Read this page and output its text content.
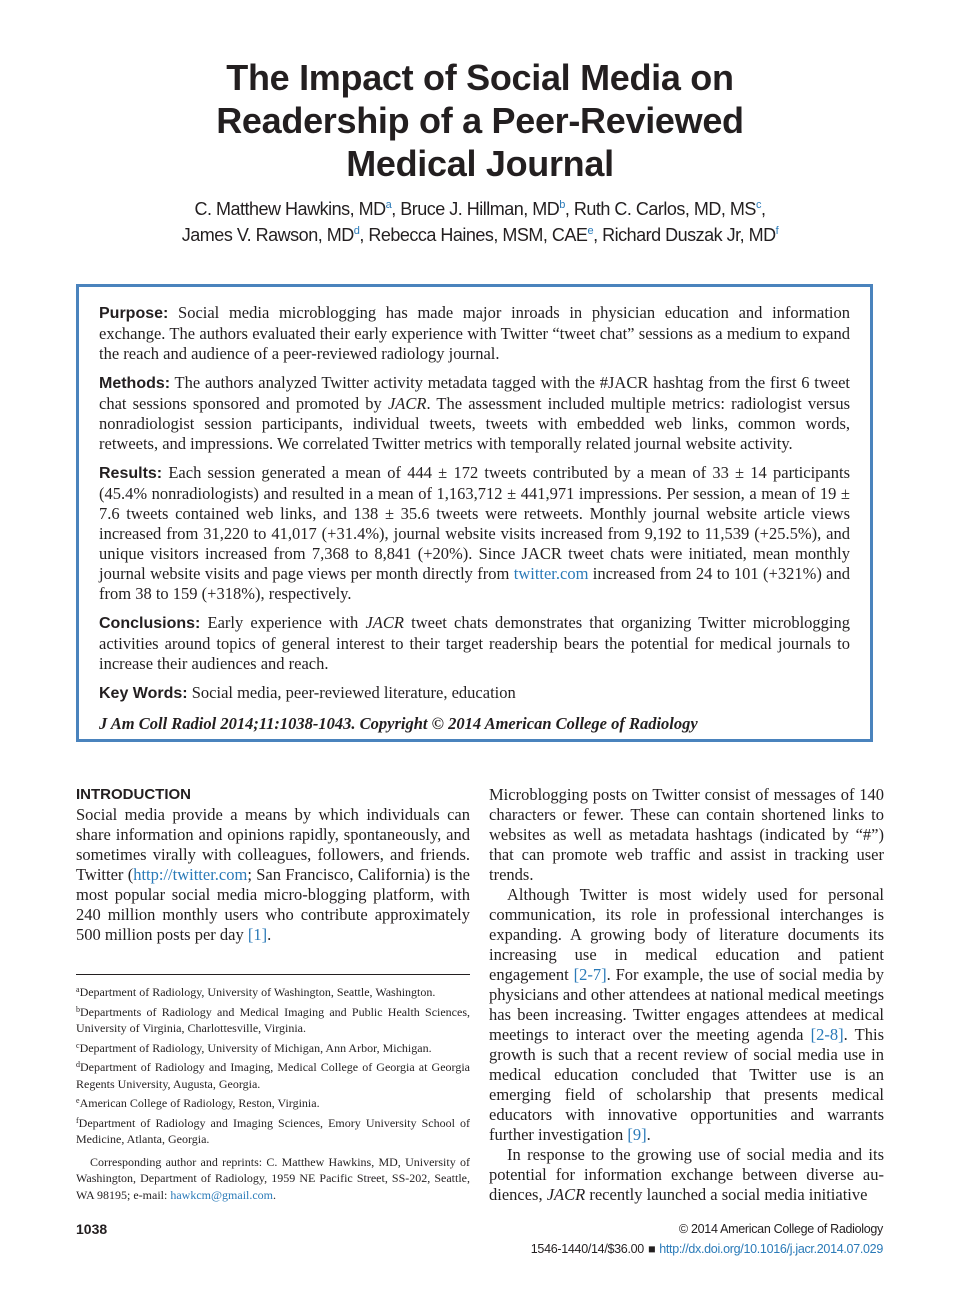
The Impact of Social Media on
Readership of a Peer-Reviewed
Medical Journal
C. Matthew Hawkins, $MD^a$, Bruce J. Hillman, $MD^b$, Ruth C. Carlos, MD, $MS^c$,
James V. Rawson, $MD^d$, Rebecca Haines, MSM, CAE$^e$, Richard Duszak Jr, $MD^f$

Purpose: Social media microblogging has made major inroads in physician education and information exchange. The authors evaluated their early experience with Twitter “tweet chat” sessions as a medium to expand the reach and audience of a peer-reviewed radiology journal.

Methods: The authors analyzed Twitter activity metadata tagged with the #JACR hashtag from the first 6 tweet chat sessions sponsored and promoted by JACR. The assessment included multiple metrics: radiologist versus nonradiologist session participants, individual tweets, tweets with embedded web links, common words, retweets, and impressions. We correlated Twitter metrics with temporally related journal website activity.

Results: Each session generated a mean of 444 ± 172 tweets contributed by a mean of 33 ± 14 participants (45.4% nonradiologists) and resulted in a mean of 1,163,712 ± 441,971 impressions. Per session, a mean of 19 ± 7.6 tweets contained web links, and 138 ± 35.6 tweets were retweets. Monthly journal website article views increased from 31,220 to 41,017 (+31.4%), journal website visits increased from 9,192 to 11,539 (+25.5%), and unique visitors increased from 7,368 to 8,841 (+20%). Since JACR tweet chats were initiated, mean monthly journal website visits and page views per month directly from twitter.com increased from 24 to 101 (+321%) and from 38 to 159 (+318%), respectively.

Conclusions: Early experience with JACR tweet chats demonstrates that organizing Twitter microblogging activities around topics of general interest to their target readership bears the potential for medical journals to increase their audiences and reach.

Key Words: Social media, peer-reviewed literature, education

J Am Coll Radiol 2014;11:1038-1043. Copyright © 2014 American College of Radiology
INTRODUCTION

Social media provide a means by which individuals can share information and opinions rapidly, spontaneously, and sometimes virally with colleagues, followers, and friends. Twitter (http://twitter.com; San Francisco, California) is the most popular social media micro-blogging platform, with 240 million monthly users who contribute approximately 500 million posts per day [1].

Microblogging posts on Twitter consist of messages of 140 characters or fewer. These can contain shortened links to websites as well as metadata hashtags (indicated by “#”) that can promote web traffic and assist in tracking user trends.

Although Twitter is most widely used for personal communication, its role in professional interchanges is expanding. A growing body of literature documents its increasing use in medical education and patient engagement [2-7]. For example, the use of social media by physicians and other attendees at national medical meetings has been increasing. Twitter engages attendees at medical meetings to interact over the meeting agenda [2-8]. This growth is such that a recent review of social media use in medical education concluded that Twitter use is an emerging field of scholarship that presents medical educators with innovative opportunities and warrants further investigation [9].

In response to the growing use of social media and its potential for information exchange between diverse au-diences, JACR recently launched a social media initiative

$^a$Department of Radiology, University of Washington, Seattle, Washington.

$^b$Departments of Radiology and Medical Imaging and Public Health Sciences, University of Virginia, Charlottesville, Virginia.

$^c$Department of Radiology, University of Michigan, Ann Arbor, Michigan.

$^d$Department of Radiology and Imaging, Medical College of Georgia at Georgia Regents University, Augusta, Georgia.

$^e$American College of Radiology, Reston, Virginia.

$^f$Department of Radiology and Imaging Sciences, Emory University School of Medicine, Atlanta, Georgia.

Corresponding author and reprints: C. Matthew Hawkins, MD, University of Washington, Department of Radiology, 1959 NE Pacific Street, SS-202, Seattle, WA 98195; e-mail: hawkcm@gmail.com.

1038	© 2014 American College of Radiology
1546-1440/14/$36.00 ■ http://dx.doi.org/10.1016/j.jacr.2014.07.029
